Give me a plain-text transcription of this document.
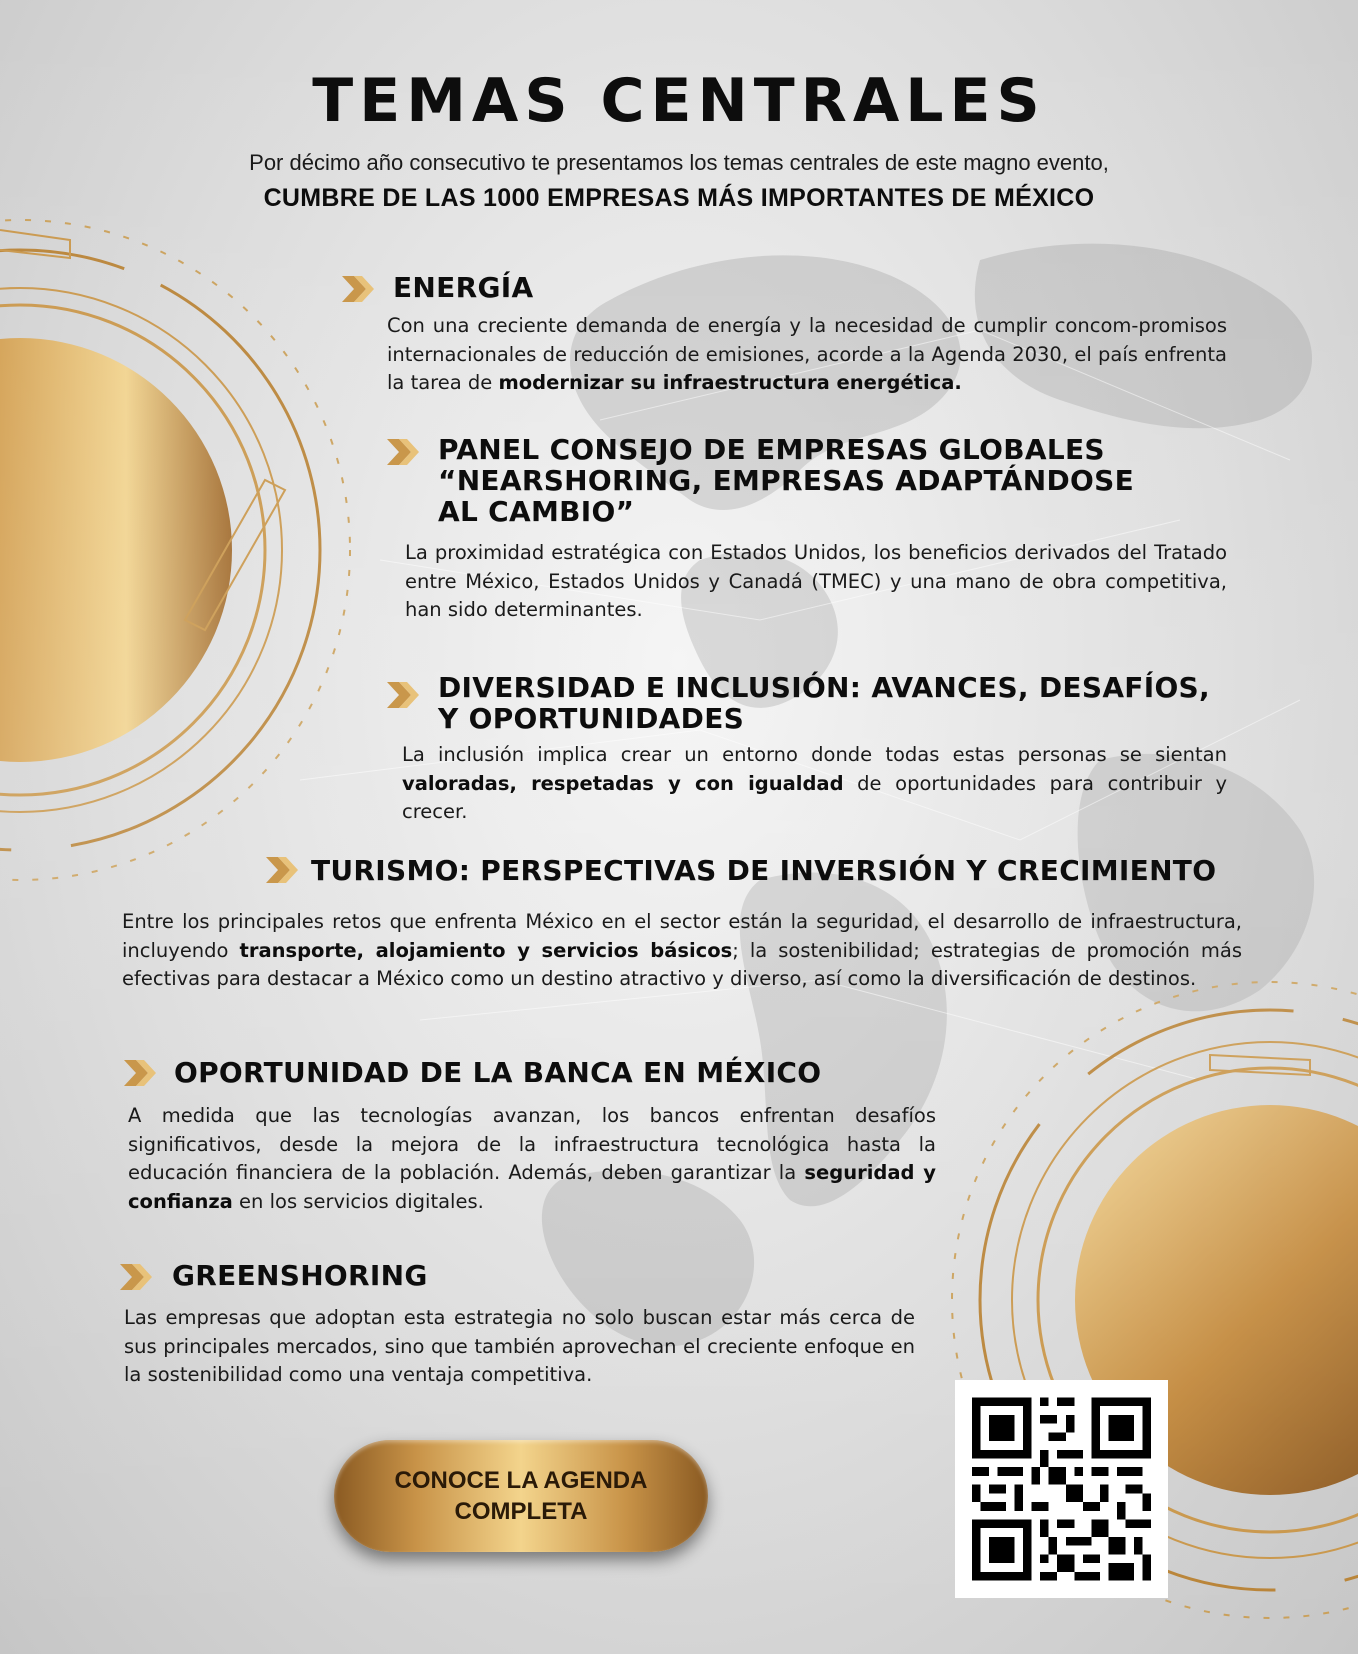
TEMAS CENTRALES
Por décimo año consecutivo te presentamos los temas centrales de este magno evento,
CUMBRE DE LAS 1000 EMPRESAS MÁS IMPORTANTES DE MÉXICO
ENERGÍA
Con una creciente demanda de energía y la necesidad de cumplir concom-promisos internacionales de reducción de emisiones, acorde a la Agenda 2030, el país enfrenta la tarea de modernizar su infraestructura energética.
PANEL CONSEJO DE EMPRESAS GLOBALES
“NEARSHORING, EMPRESAS ADAPTÁNDOSE
AL CAMBIO”
La proximidad estratégica con Estados Unidos, los beneficios derivados del Tratado entre México, Estados Unidos y Canadá (TMEC) y una mano de obra competitiva, han sido determinantes.
DIVERSIDAD E INCLUSIÓN: AVANCES, DESAFÍOS,
Y OPORTUNIDADES
La inclusión implica crear un entorno donde todas estas personas se sientan valoradas, respetadas y con igualdad de oportunidades para contribuir y crecer.
TURISMO: PERSPECTIVAS DE INVERSIÓN Y CRECIMIENTO
Entre los principales retos que enfrenta México en el sector están la seguridad, el desarrollo de infraestructura, incluyendo transporte, alojamiento y servicios básicos; la sostenibilidad; estrategias de promoción más efectivas para destacar a México como un destino atractivo y diverso, así como la diversificación de destinos.
OPORTUNIDAD DE LA BANCA EN MÉXICO
A medida que las tecnologías avanzan, los bancos enfrentan desafíos significativos, desde la mejora de la infraestructura tecnológica hasta la educación financiera de la población. Además, deben garantizar la seguridad y confianza en los servicios digitales.
GREENSHORING
Las empresas que adoptan esta estrategia no solo buscan estar más cerca de sus principales mercados, sino que también aprovechan el creciente enfoque en la sostenibilidad como una ventaja competitiva.
CONOCE LA AGENDA COMPLETA
